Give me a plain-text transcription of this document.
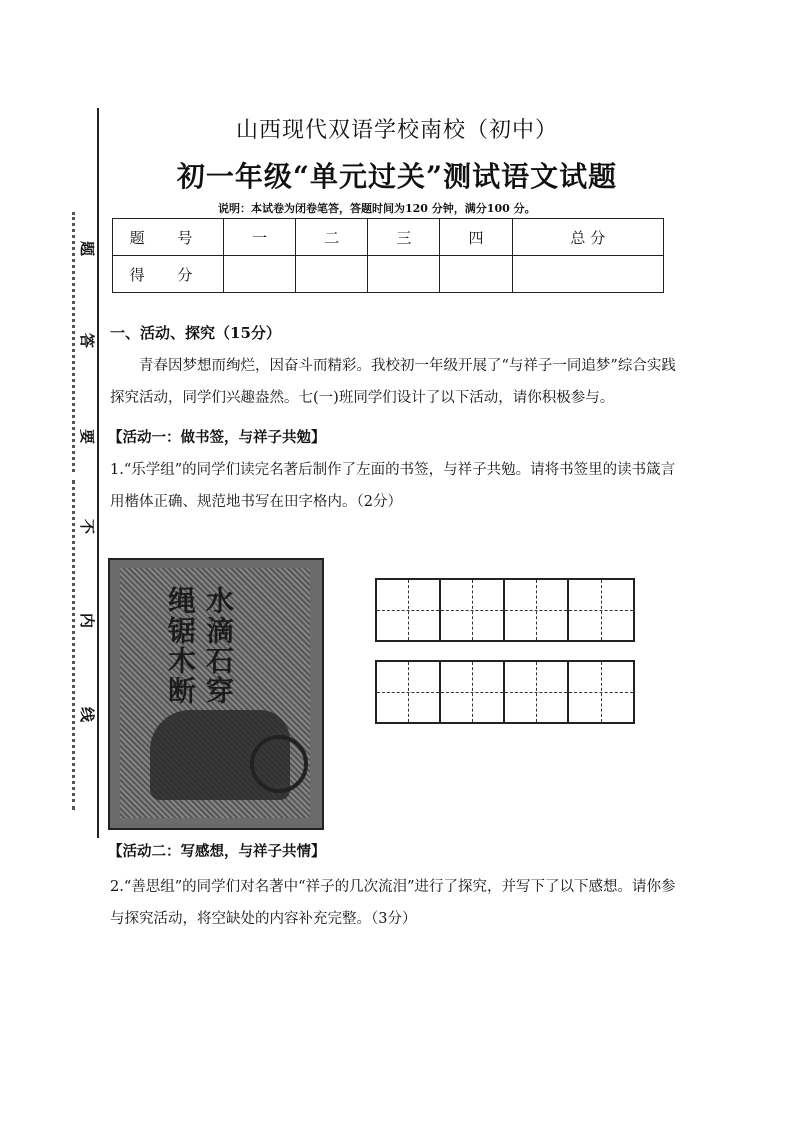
题
答
要
不
内
线
山西现代双语学校南校（初中）
初一年级“单元过关”测试语文试题
说明：本试卷为闭卷笔答，答题时间为120 分钟，满分100 分。
题 号	一	二	三	四	总 分
得 分					
一、活动、探究（15分）
青春因梦想而绚烂，因奋斗而精彩。我校初一年级开展了“与祥子一同追梦”综合实践探究活动，同学们兴趣盎然。七(一)班同学们设计了以下活动，请你积极参与。
【活动一：做书签，与祥子共勉】
1.“乐学组”的同学们读完名著后制作了左面的书签，与祥子共勉。请将书签里的读书箴言用楷体正确、规范地书写在田字格内。（2分）
绳锯木断 水滴石穿
【活动二：写感想，与祥子共情】
2.“善思组”的同学们对名著中“祥子的几次流泪”进行了探究，并写下了以下感想。请你参与探究活动，将空缺处的内容补充完整。（3分）
